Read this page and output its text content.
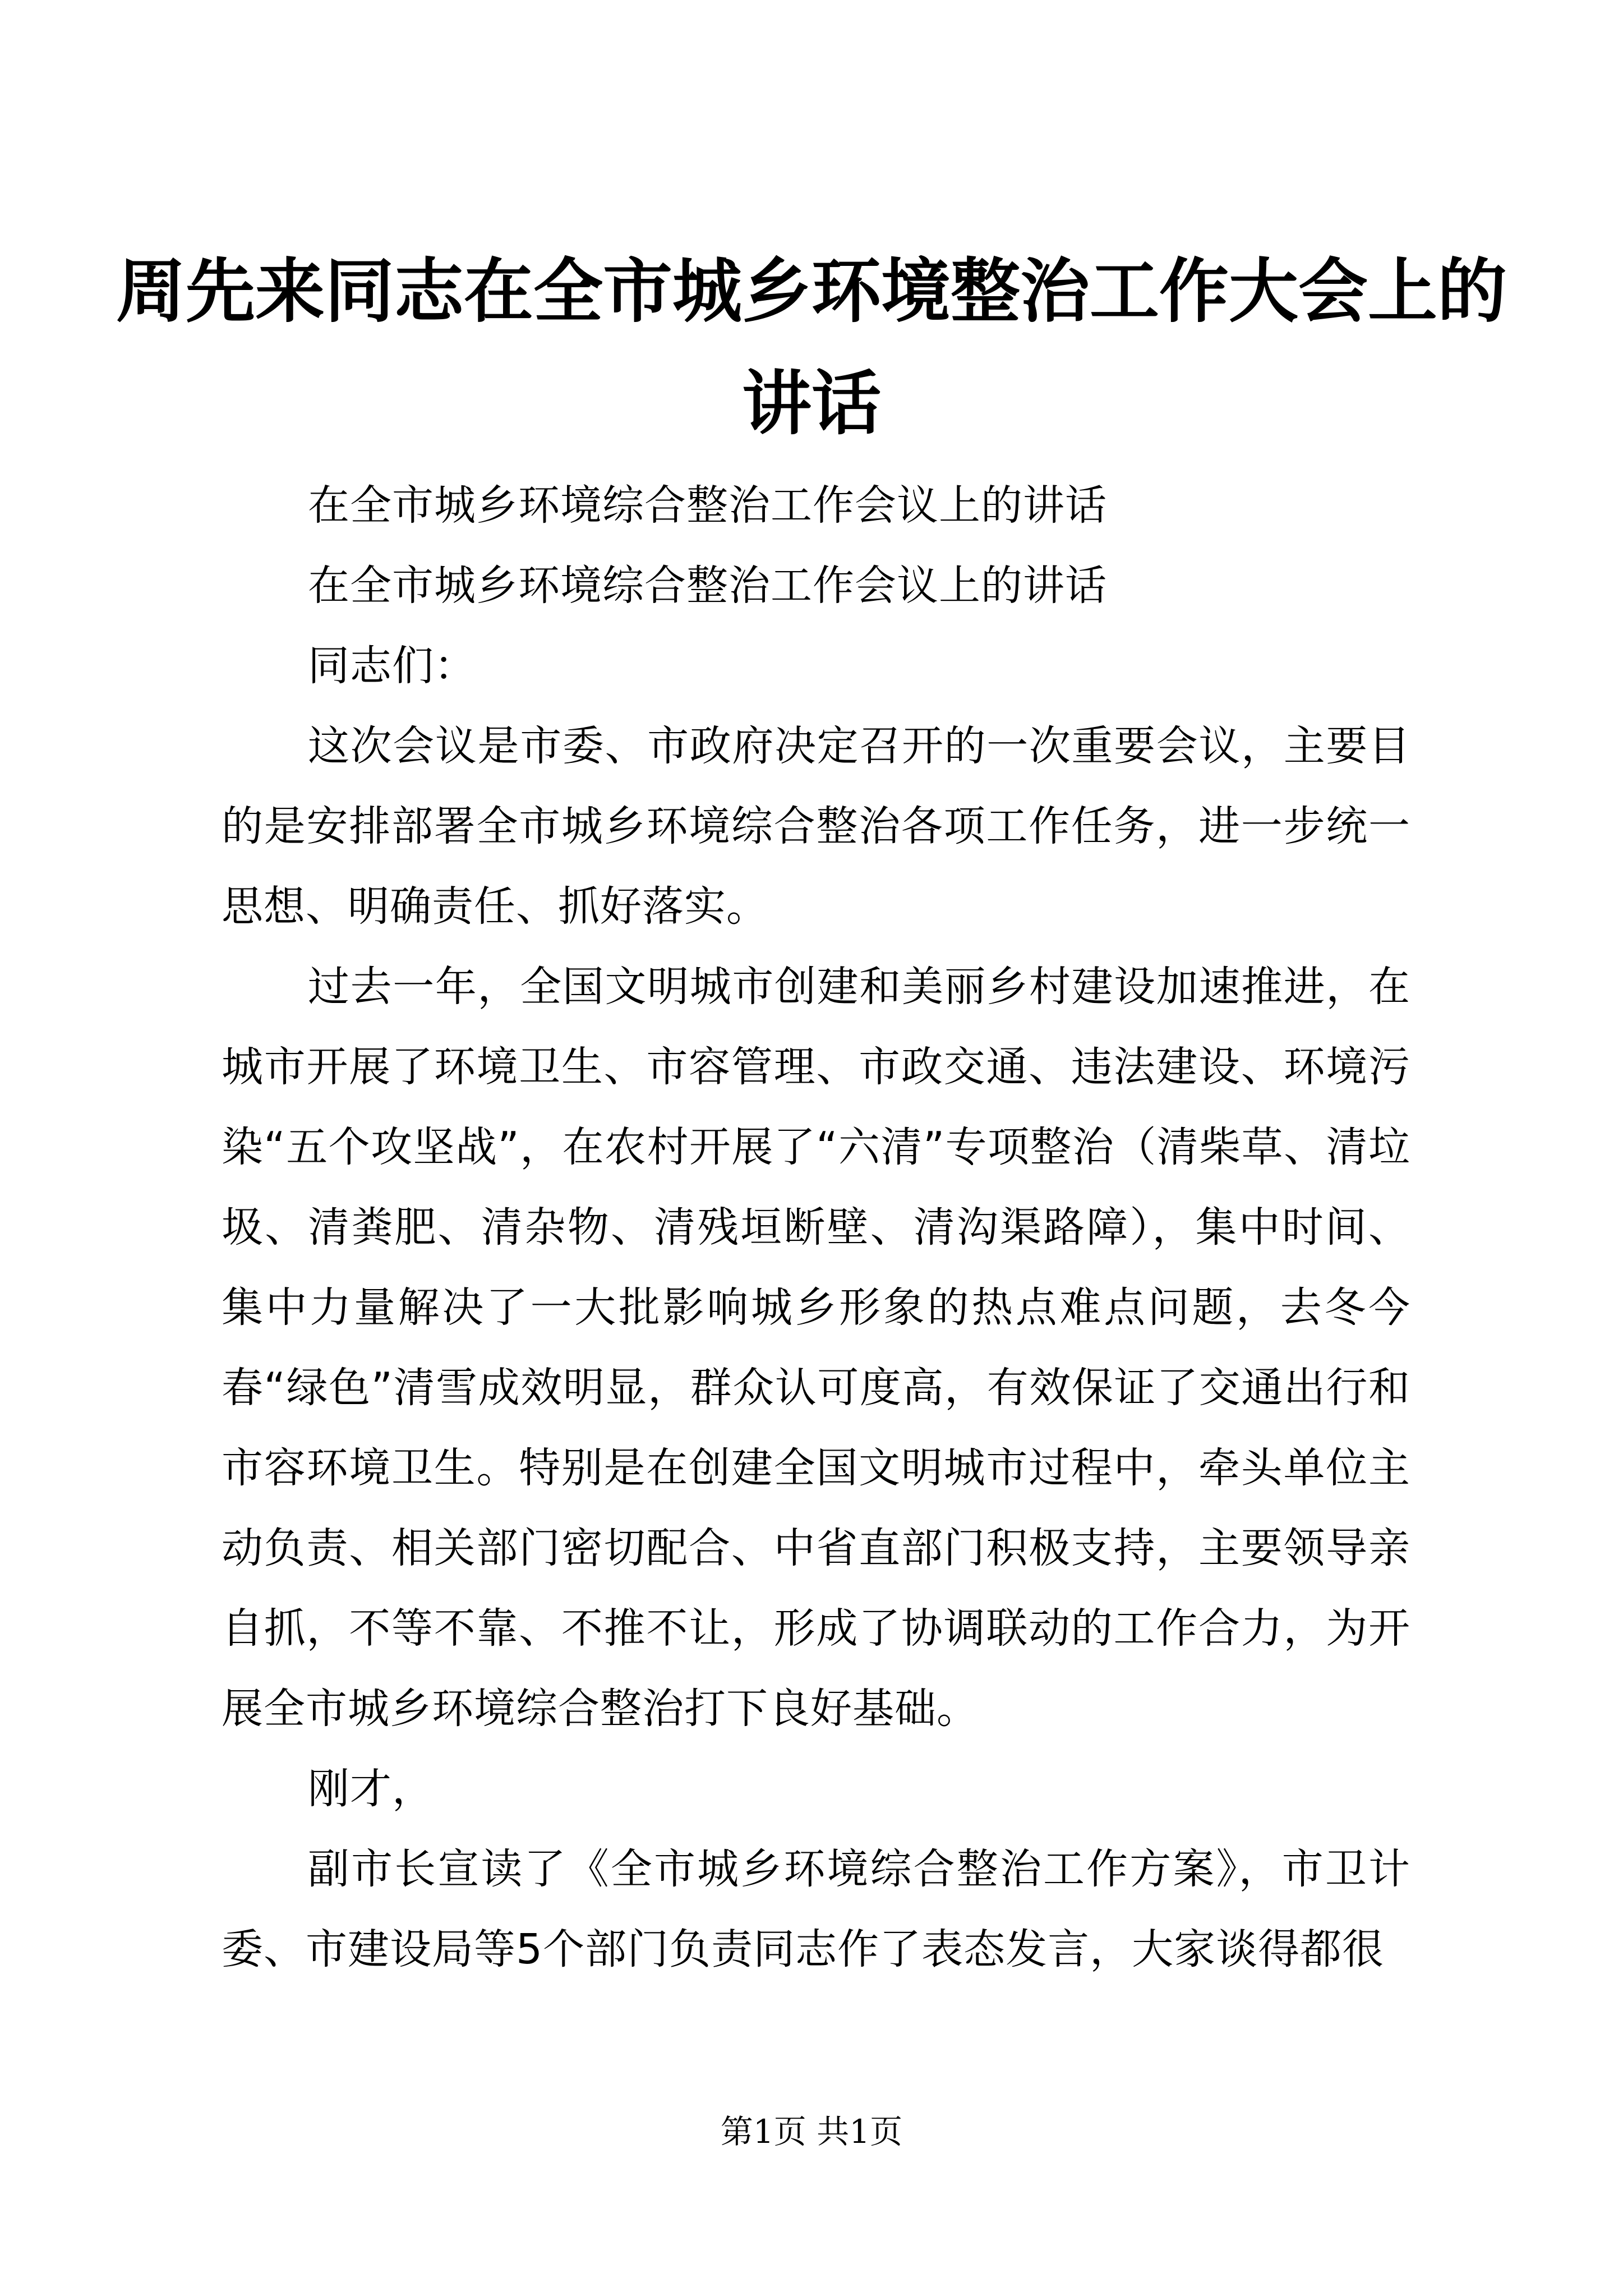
周先来同志在全市城乡环境整治工作大会上的
讲话

在全市城乡环境综合整治工作会议上的讲话

在全市城乡环境综合整治工作会议上的讲话

同志们：

这次会议是市委、市政府决定召开的一次重要会议，主要目的是安排部署全市城乡环境综合整治各项工作任务，进一步统一思想、明确责任、抓好落实。

过去一年，全国文明城市创建和美丽乡村建设加速推进，在城市开展了环境卫生、市容管理、市政交通、违法建设、环境污染“五个攻坚战”，在农村开展了“六清”专项整治（清柴草、清垃圾、清粪肥、清杂物、清残垣断壁、清沟渠路障），集中时间、集中力量解决了一大批影响城乡形象的热点难点问题，去冬今春“绿色”清雪成效明显，群众认可度高，有效保证了交通出行和市容环境卫生。特别是在创建全国文明城市过程中，牵头单位主动负责、相关部门密切配合、中省直部门积极支持，主要领导亲自抓，不等不靠、不推不让，形成了协调联动的工作合力，为开展全市城乡环境综合整治打下良好基础。

刚才，

副市长宣读了《全市城乡环境综合整治工作方案》，市卫计委、市建设局等5个部门负责同志作了表态发言，大家谈得都很

第1页 共1页
